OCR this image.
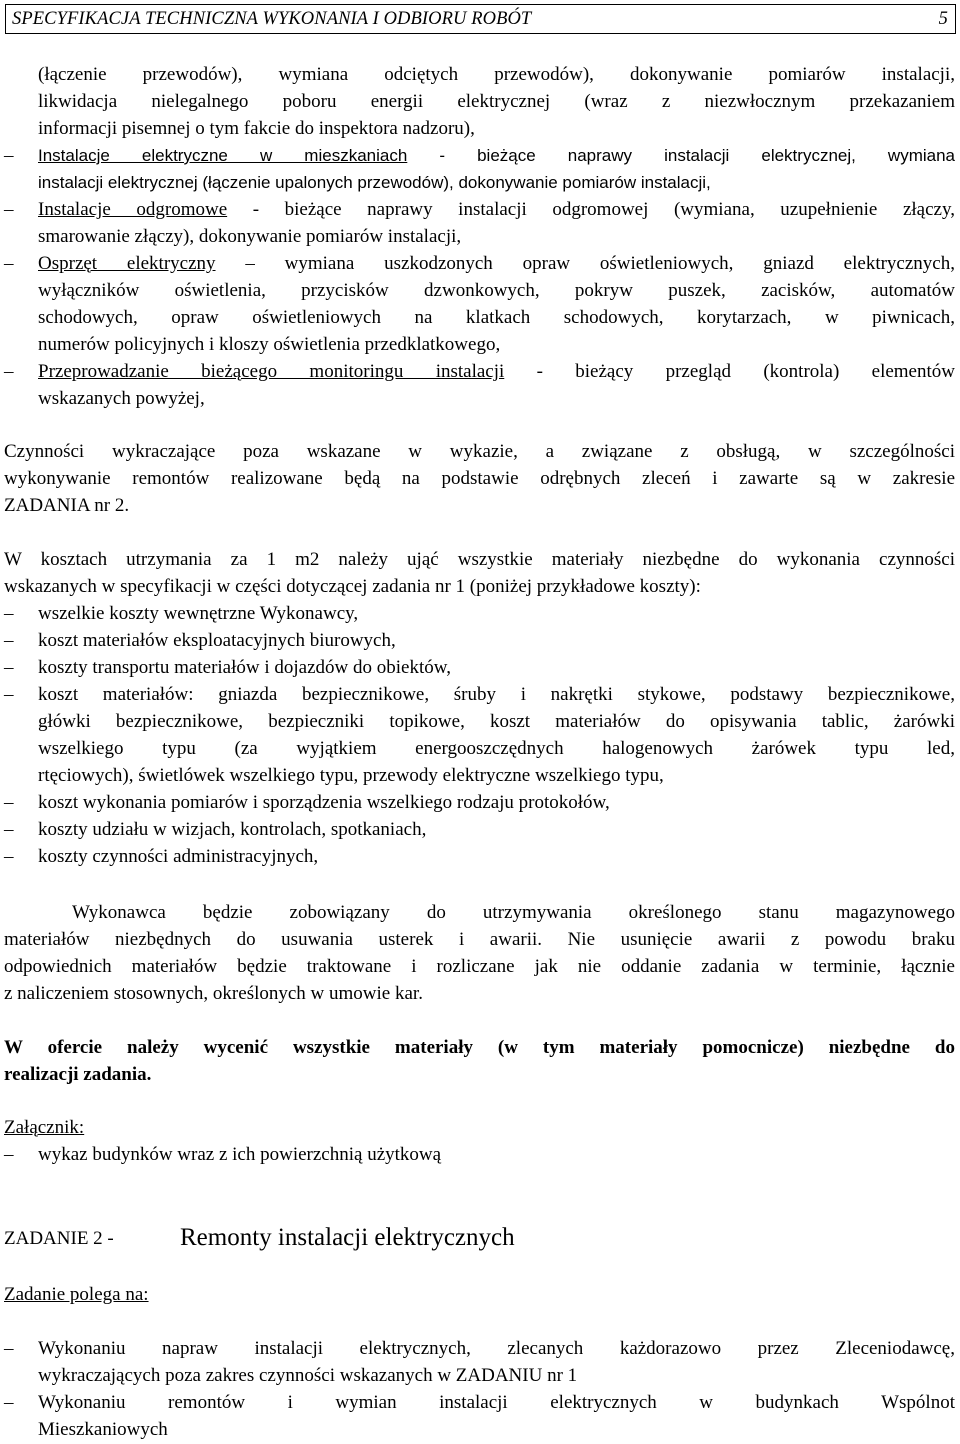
SPECYFIKACJA TECHNICZNA WYKONANIA I ODBIORU ROBÓT	5
(łączenie przewodów), wymiana odciętych przewodów), dokonywanie pomiarów instalacji,
likwidacja nielegalnego poboru energii elektrycznej (wraz z niezwłocznym przekazaniem
informacji pisemnej o tym fakcie do inspektora nadzoru),
– Instalacje elektryczne w mieszkaniach - bieżące naprawy instalacji elektrycznej, wymiana
instalacji elektrycznej (łączenie upalonych przewodów), dokonywanie pomiarów instalacji,
– Instalacje odgromowe - bieżące naprawy instalacji odgromowej (wymiana, uzupełnienie złączy,
smarowanie złączy), dokonywanie pomiarów instalacji,
– Osprzęt elektryczny – wymiana uszkodzonych opraw oświetleniowych, gniazd elektrycznych,
wyłączników oświetlenia, przycisków dzwonkowych, pokryw puszek, zacisków, automatów
schodowych, opraw oświetleniowych na klatkach schodowych, korytarzach, w piwnicach,
numerów policyjnych i kloszy oświetlenia przedklatkowego,
– Przeprowadzanie bieżącego monitoringu instalacji - bieżący przegląd (kontrola) elementów
wskazanych powyżej,
Czynności wykraczające poza wskazane w wykazie, a związane z obsługą, w szczególności
wykonywanie remontów realizowane będą na podstawie odrębnych zleceń i zawarte są w zakresie
ZADANIA nr 2.
W kosztach utrzymania za 1 m2 należy ująć wszystkie materiały niezbędne do wykonania czynności
wskazanych w specyfikacji w części dotyczącej zadania nr 1 (poniżej przykładowe koszty):
– wszelkie koszty wewnętrzne Wykonawcy,
– koszt materiałów eksploatacyjnych biurowych,
– koszty transportu materiałów i dojazdów do obiektów,
– koszt materiałów: gniazda bezpiecznikowe, śruby i nakrętki stykowe, podstawy bezpiecznikowe,
główki bezpiecznikowe, bezpieczniki topikowe, koszt materiałów do opisywania tablic, żarówki
wszelkiego typu (za wyjątkiem energooszczędnych halogenowych żarówek typu led,
rtęciowych), świetlówek wszelkiego typu, przewody elektryczne wszelkiego typu,
– koszt wykonania pomiarów i sporządzenia wszelkiego rodzaju protokołów,
– koszty udziału w wizjach, kontrolach, spotkaniach,
– koszty czynności administracyjnych,
Wykonawca będzie zobowiązany do utrzymywania określonego stanu magazynowego
materiałów niezbędnych do usuwania usterek i awarii. Nie usunięcie awarii z powodu braku
odpowiednich materiałów będzie traktowane i rozliczane jak nie oddanie zadania w terminie, łącznie
z naliczeniem stosownych, określonych w umowie kar.
W ofercie należy wycenić wszystkie materiały (w tym materiały pomocnicze) niezbędne do
realizacji zadania.
Załącznik:
– wykaz budynków wraz z ich powierzchnią użytkową
ZADANIE 2 -	Remonty instalacji elektrycznych
Zadanie polega na:
– Wykonaniu napraw instalacji elektrycznych, zlecanych każdorazowo przez Zleceniodawcę,
wykraczających poza zakres czynności wskazanych w ZADANIU nr 1
– Wykonaniu remontów i wymian instalacji elektrycznych w budynkach Wspólnot
Mieszkaniowych
